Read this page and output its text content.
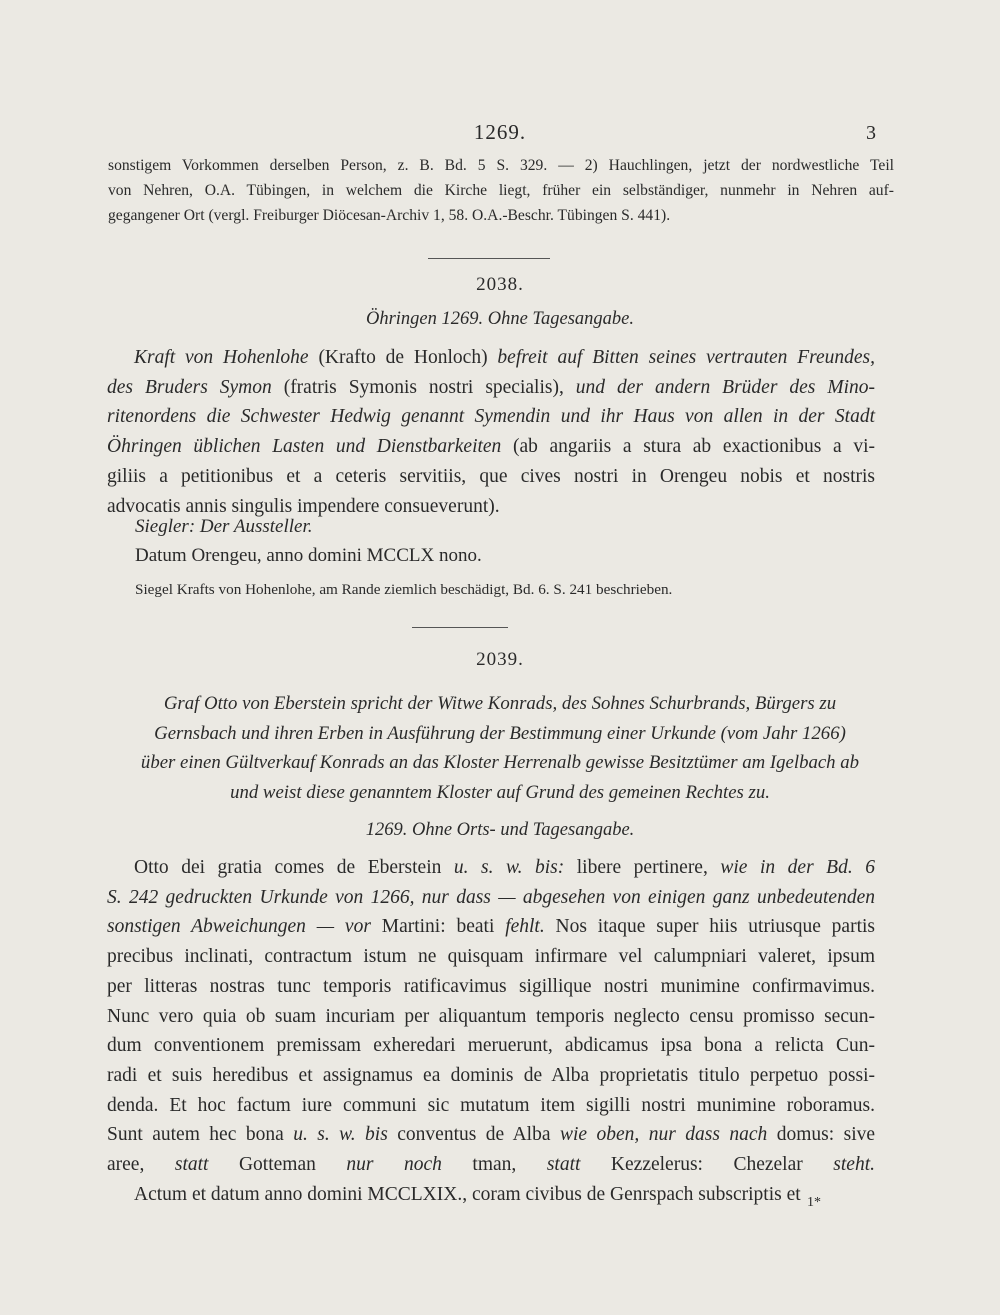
1269.	3
sonstigem Vorkommen derselben Person, z. B. Bd. 5 S. 329. — 2) Hauchlingen, jetzt der nordwestliche Teil
von Nehren, O.A. Tübingen, in welchem die Kirche liegt, früher ein selbständiger, nunmehr in Nehren auf-
gegangener Ort (vergl. Freiburger Diöcesan-Archiv 1, 58. O.A.-Beschr. Tübingen S. 441).
2038.
Öhringen 1269. Ohne Tagesangabe.
Kraft von Hohenlohe (Krafto de Honloch) befreit auf Bitten seines vertrauten Freundes,
des Bruders Symon (fratris Symonis nostri specialis), und der andern Brüder des Mino-
ritenordens die Schwester Hedwig genannt Symendin und ihr Haus von allen in der Stadt
Öhringen üblichen Lasten und Dienstbarkeiten (ab angariis a stura ab exactionibus a vi-
giliis a petitionibus et a ceteris servitiis, que cives nostri in Orengeu nobis et nostris
advocatis annis singulis impendere consueverunt).
Siegler: Der Aussteller.
Datum Orengeu, anno domini MCCLX nono.
Siegel Krafts von Hohenlohe, am Rande ziemlich beschädigt, Bd. 6. S. 241 beschrieben.
2039.
Graf Otto von Eberstein spricht der Witwe Konrads, des Sohnes Schurbrands, Bürgers zu
Gernsbach und ihren Erben in Ausführung der Bestimmung einer Urkunde (vom Jahr 1266)
über einen Gültverkauf Konrads an das Kloster Herrenalb gewisse Besitztümer am Igelbach ab
und weist diese genanntem Kloster auf Grund des gemeinen Rechtes zu.
1269. Ohne Orts- und Tagesangabe.
Otto dei gratia comes de Eberstein u. s. w. bis: libere pertinere, wie in der Bd. 6
S. 242 gedruckten Urkunde von 1266, nur dass — abgesehen von einigen ganz unbedeutenden
sonstigen Abweichungen — vor Martini: beati fehlt. Nos itaque super hiis utriusque partis
precibus inclinati, contractum istum ne quisquam infirmare vel calumpniari valeret, ipsum
per litteras nostras tunc temporis ratificavimus sigillique nostri munimine confirmavimus.
Nunc vero quia ob suam incuriam per aliquantum temporis neglecto censu promisso secun-
dum conventionem premissam exheredari meruerunt, abdicamus ipsa bona a relicta Cun-
radi et suis heredibus et assignamus ea dominis de Alba proprietatis titulo perpetuo possi-
denda. Et hoc factum iure communi sic mutatum item sigilli nostri munimine roboramus.
Sunt autem hec bona u. s. w. bis conventus de Alba wie oben, nur dass nach domus: sive
aree, statt Gotteman nur noch tman, statt Kezzelerus: Chezelar steht.
Actum et datum anno domini MCCLXIX., coram civibus de Genrspach subscriptis et 1*
